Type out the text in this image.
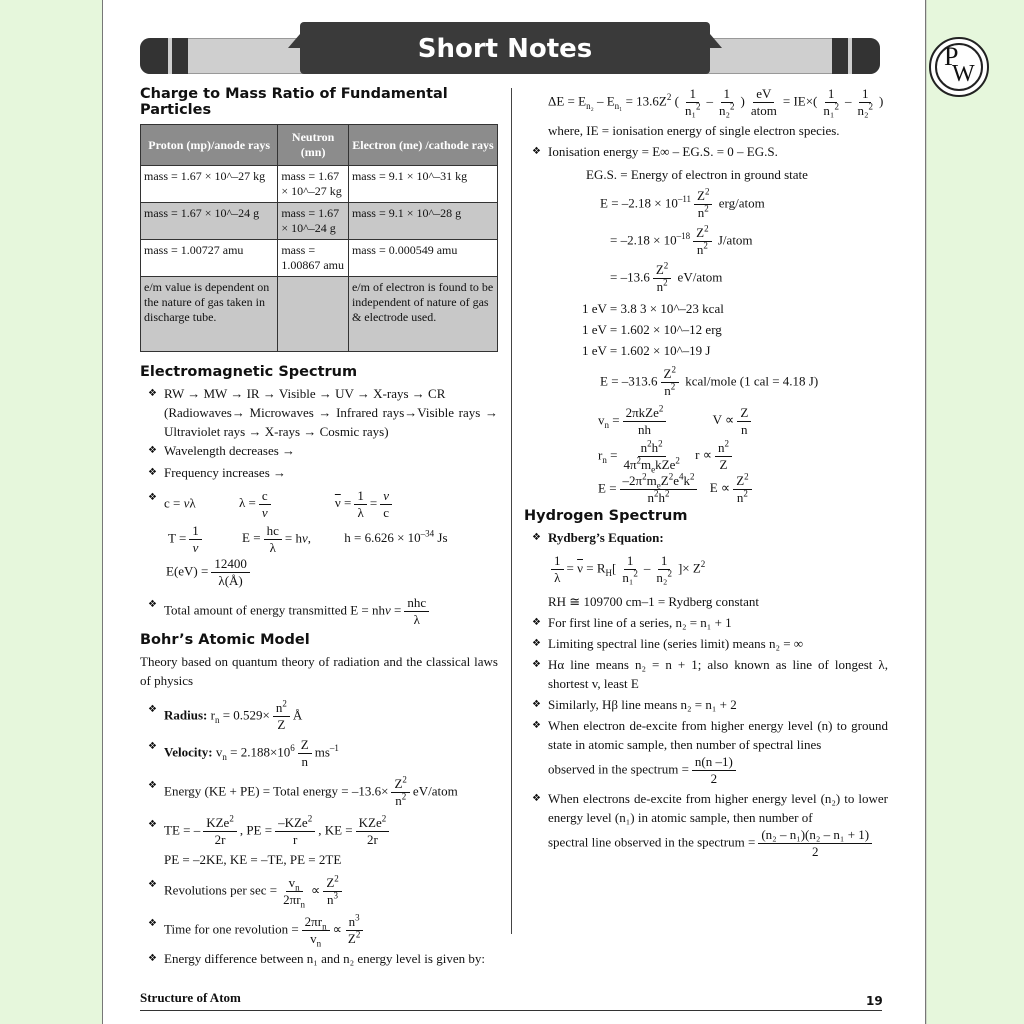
P
W
Short Notes
Charge to Mass Ratio of Fundamental Particles
Proton (mp)/anode rays	Neutron (mn)	Electron (me) /cathode rays
mass = 1.67 × 10^–27 kg	mass = 1.67 × 10^–27 kg	mass = 9.1 × 10^–31 kg
mass = 1.67 × 10^–24 g	mass = 1.67 × 10^–24 g	mass = 9.1 × 10^–28 g
mass = 1.00727 amu	mass = 1.00867 amu	mass = 0.000549 amu
e/m value is dependent on the nature of gas taken in discharge tube.		e/m of electron is found to be independent of nature of gas & electrode used.
Electromagnetic Spectrum
❖ RW → MW → IR → Visible → UV → X-rays → CR
(Radiowaves→ Microwaves → Infrared rays→Visible rays → Ultraviolet rays → X-rays → Cosmic rays)
❖ Wavelength decreases →
❖ Frequency increases →
❖ c = νλ	$\lambda = \frac{c}{\nu}$	$\overline{\nu} = \frac{1}{\lambda} = \frac{\nu}{c}$
$T = \frac{1}{\nu}$	$E = \frac{hc}{\lambda} = h\nu$, $h = 6.626 \times 10^{-34}$ Js
$E(eV) = \frac{12400}{\lambda(Å)}$
❖ Total amount of energy transmitted $E = nh\nu = \frac{\text{nhc}}{\lambda}$
Bohr’s Atomic Model
Theory based on quantum theory of radiation and the classical laws of physics
❖ Radius: $r_n = 0.529\times \frac{n^2}{Z}$ Å
❖ Velocity: $v_n = 2.188\times 10^6 \frac{Z}{n} ms^{-1}$
❖ Energy (KE + PE) = Total energy = $-13.6\times \frac{Z^2}{n^2}$ eV/atom
❖ TE = – $\frac{KZe^2}{2r}$ , PE = $\frac{-KZe^2}{r}$ , KE = $\frac{KZe^2}{2r}$
PE = –2KE, KE = –TE, PE = 2TE
❖ Revolutions per $\sec = \frac{v_n}{2\pi r_n} \propto \frac{Z^2}{n^3}$
❖ Time for one revolution = $\frac{2\pi r_n}{v_n} \propto \frac{n^3}{Z^2}$
❖ Energy difference between n₁ and n₂ energy level is given by:
$\Delta E = E_{n_2} - E_{n_1} = 13.6Z^2$ ( $\frac{1}{n_1^2} - \frac{1}{n_2^2}$ ) $\frac{eV}{\text{atom}} = IE\times( \frac{1}{n_1^2} - \frac{1}{n_2^2}$ )
where, IE = ionisation energy of single electron species.
❖ Ionisation energy = E∞ – EG.S. = 0 – EG.S.
EG.S. = Energy of electron in ground state
$E = -2.18 \times 10^{-11} \frac{Z^2}{n^2}$ erg/atom
= $-2.18 \times 10^{-18} \frac{Z^2}{n^2}$ J/atom
= $-13.6 \frac{Z^2}{n^2}$ eV/atom
1 eV = 3.8 3 × 10^–23 kcal
1 eV = 1.602 × 10^–12 erg
1 eV = 1.602 × 10^–19 J
$E = -313.6 \frac{Z^2}{n^2}$ kcal/mole (1 cal = 4.18 J)
$v_n = \frac{2\pi kZe^2}{nh}$	$V \propto \frac{Z}{n}$
$r_n = \frac{n^2h^2}{4\pi^2m_ekZe^2}$ $r \propto \frac{n^2}{Z}$
$E = \frac{-2\pi^2m_eZ^2e^4k^2}{n^2h^2}$ $E \propto \frac{Z^2}{n^2}$
Hydrogen Spectrum
❖ Rydberg’s Equation:
$\frac{1}{\lambda} = \overline{\nu} = R_H[ \frac{1}{n_1^2} - \frac{1}{n_2^2}$ ]× $Z^2$
RH ≅ 109700 cm–1 = Rydberg constant
❖ For first line of a series, n₂ = n₁ + 1
❖ Limiting spectral line (series limit) means n₂ = ∞
❖ Hα line means n₂ = n + 1; also known as line of longest λ, shortest v, least E
❖ Similarly, Hβ line means n₂ = n₁ + 2
❖ When electron de-excite from higher energy level (n) to ground state in atomic sample, then number of spectral lines
observed in the spectrum = $\frac{n(n -1)}{2}$
❖ When electrons de-excite from higher energy level (n₂) to lower energy level (n₁) in atomic sample, then number of
spectral line observed in the spectrum = $\frac{\text{(n₂ – n₁)(n₂ – n₁ + 1)}}{2}$
Structure of Atom	19
